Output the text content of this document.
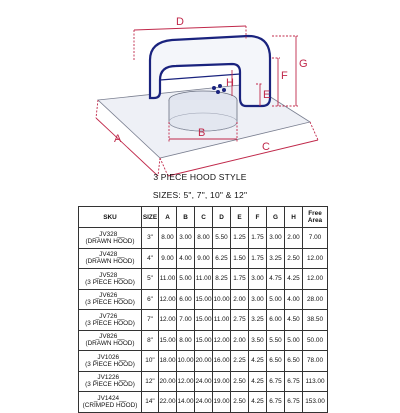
D
F
G
E
H
B
A
C
3 PIECE HOOD STYLE
SIZES: 5", 7", 10" & 12"
SKU	SIZE	A	B	C	D	E	F	G	H	Free Area

_JV328__
(DRAWN HOOD)	3"	8.00	3.00	8.00	5.50	1.25	1.75	3.00	2.00	7.00

_JV428__
(DRAWN HOOD)	4"	9.00	4.00	9.00	6.25	1.50	1.75	3.25	2.50	12.00

_JV528__
(3 PIECE HOOD)	5"	11.00	5.00	11.00	8.25	1.75	3.00	4.75	4.25	12.00

_JV626__
(3 PIECE HOOD)	6"	12.00	6.00	15.00	10.00	2.00	3.00	5.00	4.00	28.00

_JV726__
(3 PIECE HOOD)	7"	12.00	7.00	15.00	11.00	2.75	3.25	6.00	4.50	38.50

_JV826__
(DRAWN HOOD)	8"	15.00	8.00	15.00	12.00	2.00	3.50	5.50	5.00	50.00

_JV1026__
(3 PIECE HOOD)	10"	18.00	10.00	20.00	16.00	2.25	4.25	6.50	6.50	78.00

_JV1226__
(3 PIECE HOOD)	12"	20.00	12.00	24.00	19.00	2.50	4.25	6.75	6.75	113.00

_JV1424__
(CRIMPED HOOD)	14"	22.00	14.00	24.00	19.00	2.50	4.25	6.75	6.75	153.00
